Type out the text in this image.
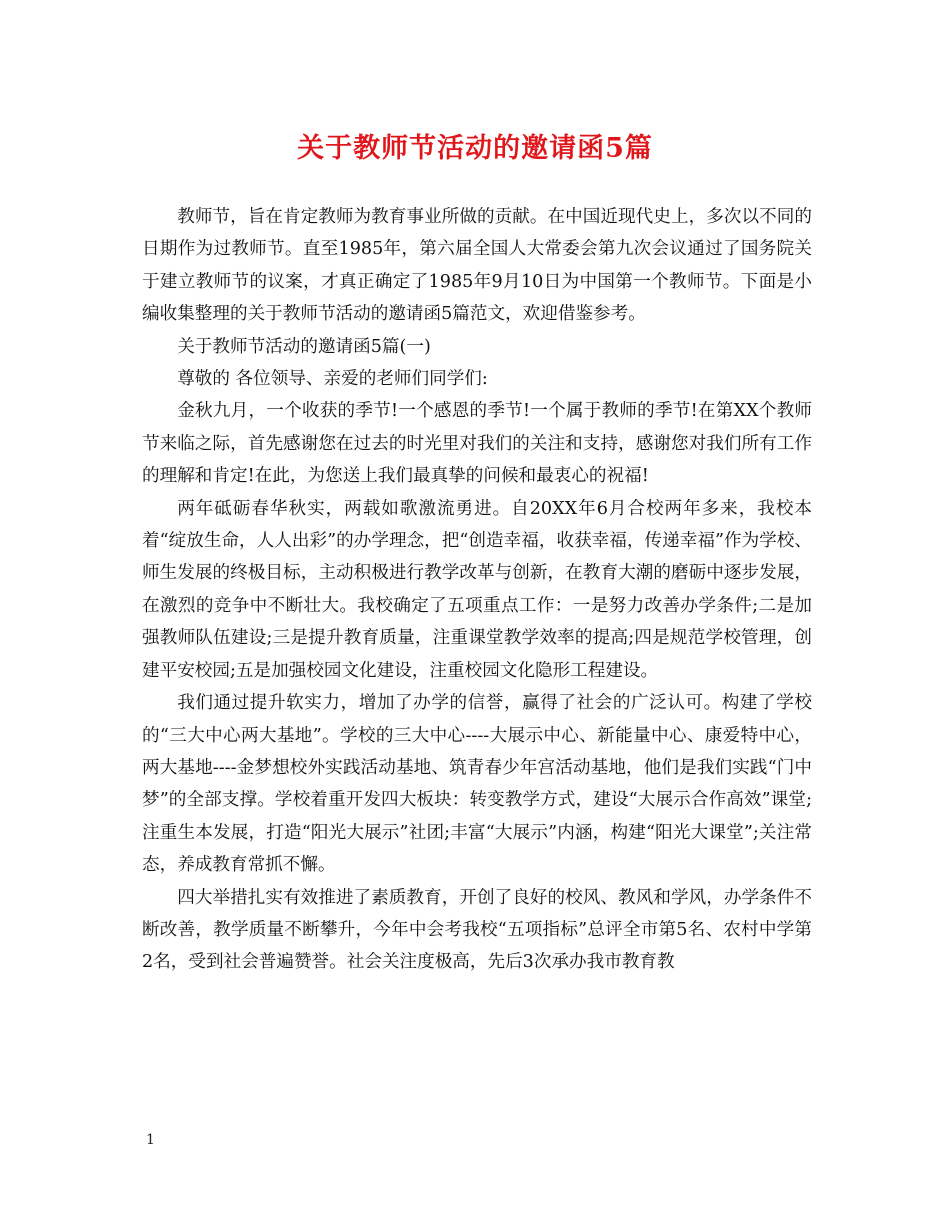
关于教师节活动的邀请函5篇

教师节，旨在肯定教师为教育事业所做的贡献。在中国近现代史上，多次以不同的日期作为过教师节。直至1985年，第六届全国人大常委会第九次会议通过了国务院关于建立教师节的议案，才真正确定了1985年9月10日为中国第一个教师节。下面是小编收集整理的关于教师节活动的邀请函5篇范文，欢迎借鉴参考。

关于教师节活动的邀请函5篇(一)

尊敬的 各位领导、亲爱的老师们同学们:

金秋九月，一个收获的季节!一个感恩的季节!一个属于教师的季节!在第XX个教师节来临之际，首先感谢您在过去的时光里对我们的关注和支持，感谢您对我们所有工作的理解和肯定!在此，为您送上我们最真挚的问候和最衷心的祝福!

两年砥砺春华秋实，两载如歌激流勇进。自20XX年6月合校两年多来，我校本着“绽放生命，人人出彩”的办学理念，把“创造幸福，收获幸福，传递幸福”作为学校、师生发展的终极目标，主动积极进行教学改革与创新，在教育大潮的磨砺中逐步发展，在激烈的竞争中不断壮大。我校确定了五项重点工作：一是努力改善办学条件;二是加强教师队伍建设;三是提升教育质量，注重课堂教学效率的提高;四是规范学校管理，创建平安校园;五是加强校园文化建设，注重校园文化隐形工程建设。

我们通过提升软实力，增加了办学的信誉，赢得了社会的广泛认可。构建了学校的“三大中心两大基地”。学校的三大中心----大展示中心、新能量中心、康爱特中心，两大基地----金梦想校外实践活动基地、筑青春少年宫活动基地，他们是我们实践“门中梦”的全部支撑。学校着重开发四大板块：转变教学方式，建设“大展示合作高效”课堂;注重生本发展，打造“阳光大展示”社团;丰富“大展示”内涵，构建“阳光大课堂”;关注常态，养成教育常抓不懈。

四大举措扎实有效推进了素质教育，开创了良好的校风、教风和学风，办学条件不断改善，教学质量不断攀升，今年中会考我校“五项指标”总评全市第5名、农村中学第2名，受到社会普遍赞誉。社会关注度极高，先后3次承办我市教育教

1
